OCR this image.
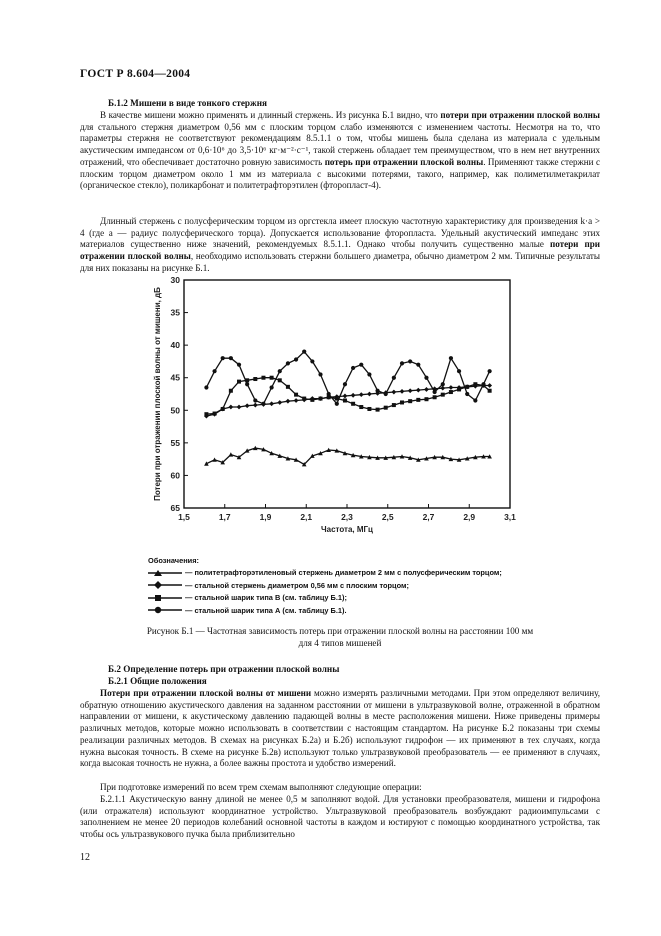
ГОСТ Р 8.604—2004
Б.1.2 Мишени в виде тонкого стержня

В качестве мишени можно применять и длинный стержень. Из рисунка Б.1 видно, что потери при отражении плоской волны для стального стержня диаметром 0,56 мм с плоским торцом слабо изменяются с изменением частоты. Несмотря на то, что параметры стержня не соответствуют рекомендациям 8.5.1.1 о том, чтобы мишень была сделана из материала с удельным акустическим импедансом от 0,6·10⁶ до 3,5·10⁶ кг·м⁻²·с⁻¹, такой стержень обладает тем преимуществом, что в нем нет внутренних отражений, что обеспечивает достаточно ровную зависимость потерь при отражении плоской волны. Применяют также стержни с плоским торцом диаметром около 1 мм из материала с высокими потерями, такого, например, как полиметилметакрилат (органическое стекло), поликарбонат и политетрафторэтилен (фторопласт-4).

Длинный стержень с полусферическим торцом из оргстекла имеет плоскую частотную характеристику для произведения k·a > 4 (где a — радиус полусферического торца). Допускается использование фторопласта. Удельный акустический импеданс этих материалов существенно ниже значений, рекомендуемых 8.5.1.1. Однако чтобы получить существенно малые потери при отражении плоской волны, необходимо использовать стержни большего диаметра, обычно диаметром 2 мм. Типичные результаты для них показаны на рисунке Б.1.

1,5	1,7	1,9	2,1	2,3	2,5	2,7	2,9	3,1
30
35
40
45
50
55
60
65
Частота, МГц
Потери при отражении плоской волны от мишени, дБ
Обозначения:
— политетрафторэтиленовый стержень диаметром 2 мм с полусферическим торцом;
— стальной стержень диаметром 0,56 мм с плоским торцом;
— стальной шарик типа В (см. таблицу Б.1);
— стальной шарик типа А (см. таблицу Б.1).
Рисунок Б.1 — Частотная зависимость потерь при отражении плоской волны на расстоянии 100 мм
для 4 типов мишеней
Б.2 Определение потерь при отражении плоской волны
Б.2.1 Общие положения

Потери при отражении плоской волны от мишени можно измерять различными методами. При этом определяют величину, обратную отношению акустического давления на заданном расстоянии от мишени в ультразвуковой волне, отраженной в обратном направлении от мишени, к акустическому давлению падающей волны в месте расположения мишени. Ниже приведены примеры различных методов, которые можно использовать в соответствии с настоящим стандартом. На рисунке Б.2 показаны три схемы реализации различных методов. В схемах на рисунках Б.2а) и Б.2б) используют гидрофон — их применяют в тех случаях, когда нужна высокая точность. В схеме на рисунке Б.2в) используют только ультразвуковой преобразователь — ее применяют в случаях, когда высокая точность не нужна, а более важны простота и удобство измерений.

При подготовке измерений по всем трем схемам выполняют следующие операции:

Б.2.1.1 Акустическую ванну длиной не менее 0,5 м заполняют водой. Для установки преобразователя, мишени и гидрофона (или отражателя) используют координатное устройство. Ультразвуковой преобразователь возбуждают радиоимпульсами с заполнением не менее 20 периодов колебаний основной частоты в каждом и юстируют с помощью координатного устройства, так чтобы ось ультразвукового пучка была приблизительно

12
